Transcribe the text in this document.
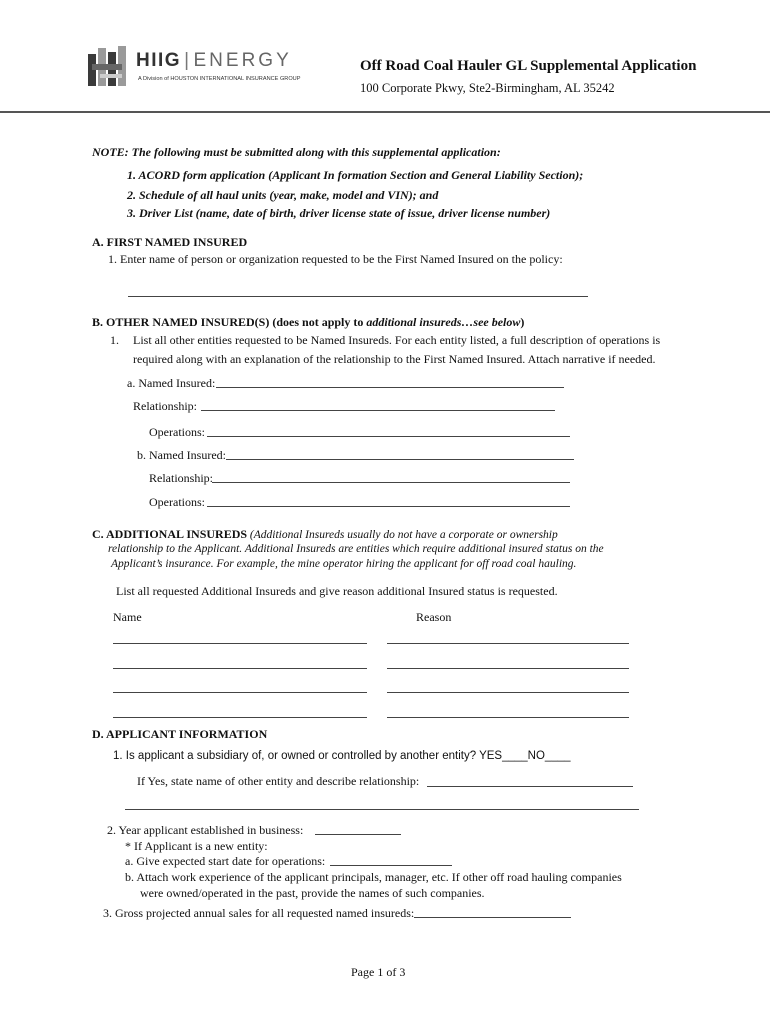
HIIG | ENERGY
A Division of HOUSTON INTERNATIONAL INSURANCE GROUP
Off Road Coal Hauler GL Supplemental Application
100 Corporate Pkwy, Ste2-Birmingham, AL 35242
NOTE: The following must be submitted along with this supplemental application:
1. ACORD form application (Applicant In formation Section and General Liability Section);
2. Schedule of all haul units (year, make, model and VIN); and
3. Driver List (name, date of birth, driver license state of issue, driver license number)
A. FIRST NAMED INSURED
1. Enter name of person or organization requested to be the First Named Insured on the policy:
B. OTHER NAMED INSURED(S) (does not apply to additional insureds…see below)
1. List all other entities requested to be Named Insureds. For each entity listed, a full description of operations is
required along with an explanation of the relationship to the First Named Insured. Attach narrative if needed.
a. Named Insured:
Relationship:
Operations:
b. Named Insured:
Relationship:
Operations:
C. ADDITIONAL INSUREDS (Additional Insureds usually do not have a corporate or ownership
relationship to the Applicant. Additional Insureds are entities which require additional insured status on the
Applicant’s insurance. For example, the mine operator hiring the applicant for off road coal hauling.
List all requested Additional Insureds and give reason additional Insured status is requested.
Name	Reason
D. APPLICANT INFORMATION
1. Is applicant a subsidiary of, or owned or controlled by another entity? YES____NO____
If Yes, state name of other entity and describe relationship:
2. Year applicant established in business:
* If Applicant is a new entity:
a. Give expected start date for operations:
b. Attach work experience of the applicant principals, manager, etc. If other off road hauling companies
were owned/operated in the past, provide the names of such companies.
3. Gross projected annual sales for all requested named insureds:
Page 1 of 3
